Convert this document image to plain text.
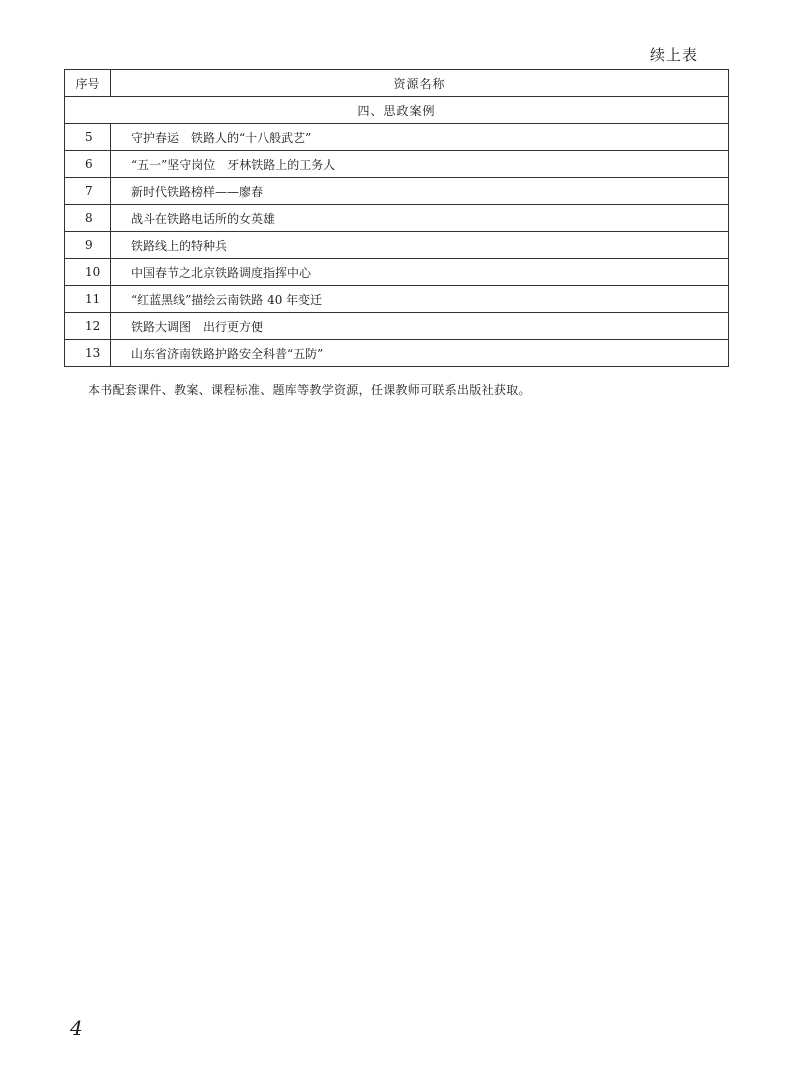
续上表
序号	资源名称
四、思政案例	
5	守护春运　铁路人的“十八般武艺”
6	“五一”坚守岗位　牙林铁路上的工务人
7	新时代铁路榜样——廖春
8	战斗在铁路电话所的女英雄
9	铁路线上的特种兵
10	中国春节之北京铁路调度指挥中心
11	“红蓝黑线”描绘云南铁路 40 年变迁
12	铁路大调图　出行更方便
13	山东省济南铁路护路安全科普“五防”
本书配套课件、教案、课程标准、题库等教学资源，任课教师可联系出版社获取。
4
